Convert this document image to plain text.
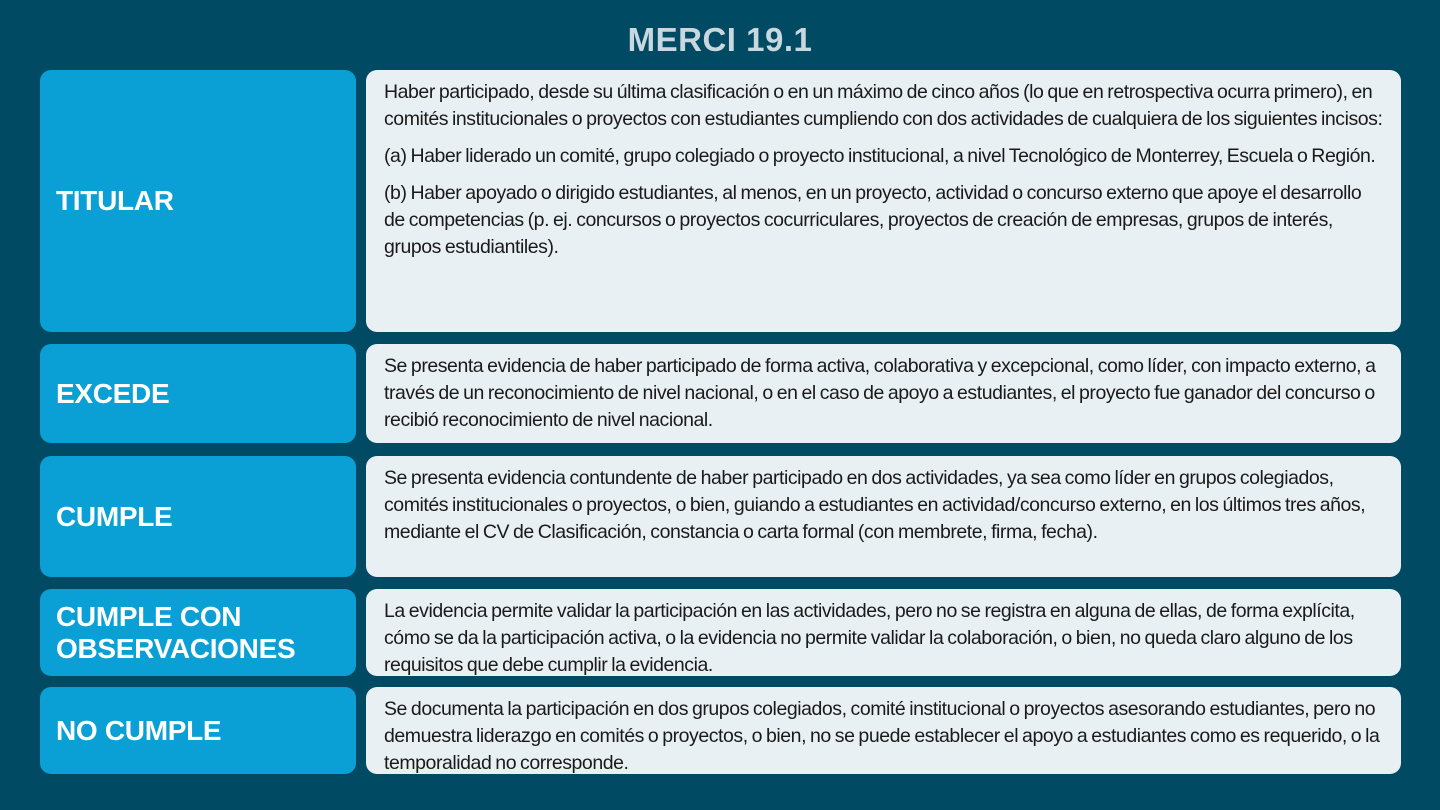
MERCI 19.1
TITULAR

Haber participado, desde su última clasificación o en un máximo de cinco años (lo que en retrospectiva ocurra primero), en comités institucionales o proyectos con estudiantes cumpliendo con dos actividades de cualquiera de los siguientes incisos:

(a) Haber liderado un comité, grupo colegiado o proyecto institucional, a nivel Tecnológico de Monterrey, Escuela o Región.

(b) Haber apoyado o dirigido estudiantes, al menos, en un proyecto, actividad o concurso externo que apoye el desarrollo de competencias (p. ej. concursos o proyectos cocurriculares, proyectos de creación de empresas, grupos de interés, grupos estudiantiles).

EXCEDE

Se presenta evidencia de haber participado de forma activa, colaborativa y excepcional, como líder, con impacto externo, a través de un reconocimiento de nivel nacional, o en el caso de apoyo a estudiantes, el proyecto fue ganador del concurso o recibió reconocimiento de nivel nacional.

CUMPLE

Se presenta evidencia contundente de haber participado en dos actividades, ya sea como líder en grupos colegiados, comités institucionales o proyectos, o bien, guiando a estudiantes en actividad/concurso externo, en los últimos tres años, mediante el CV de Clasificación, constancia o carta formal (con membrete, firma, fecha).

CUMPLE CON
OBSERVACIONES

La evidencia permite validar la participación en las actividades, pero no se registra en alguna de ellas, de forma explícita, cómo se da la participación activa, o la evidencia no permite validar la colaboración, o bien, no queda claro alguno de los requisitos que debe cumplir la evidencia.

NO CUMPLE

Se documenta la participación en dos grupos colegiados, comité institucional o proyectos asesorando estudiantes, pero no demuestra liderazgo en comités o proyectos, o bien, no se puede establecer el apoyo a estudiantes como es requerido, o la temporalidad no corresponde.
